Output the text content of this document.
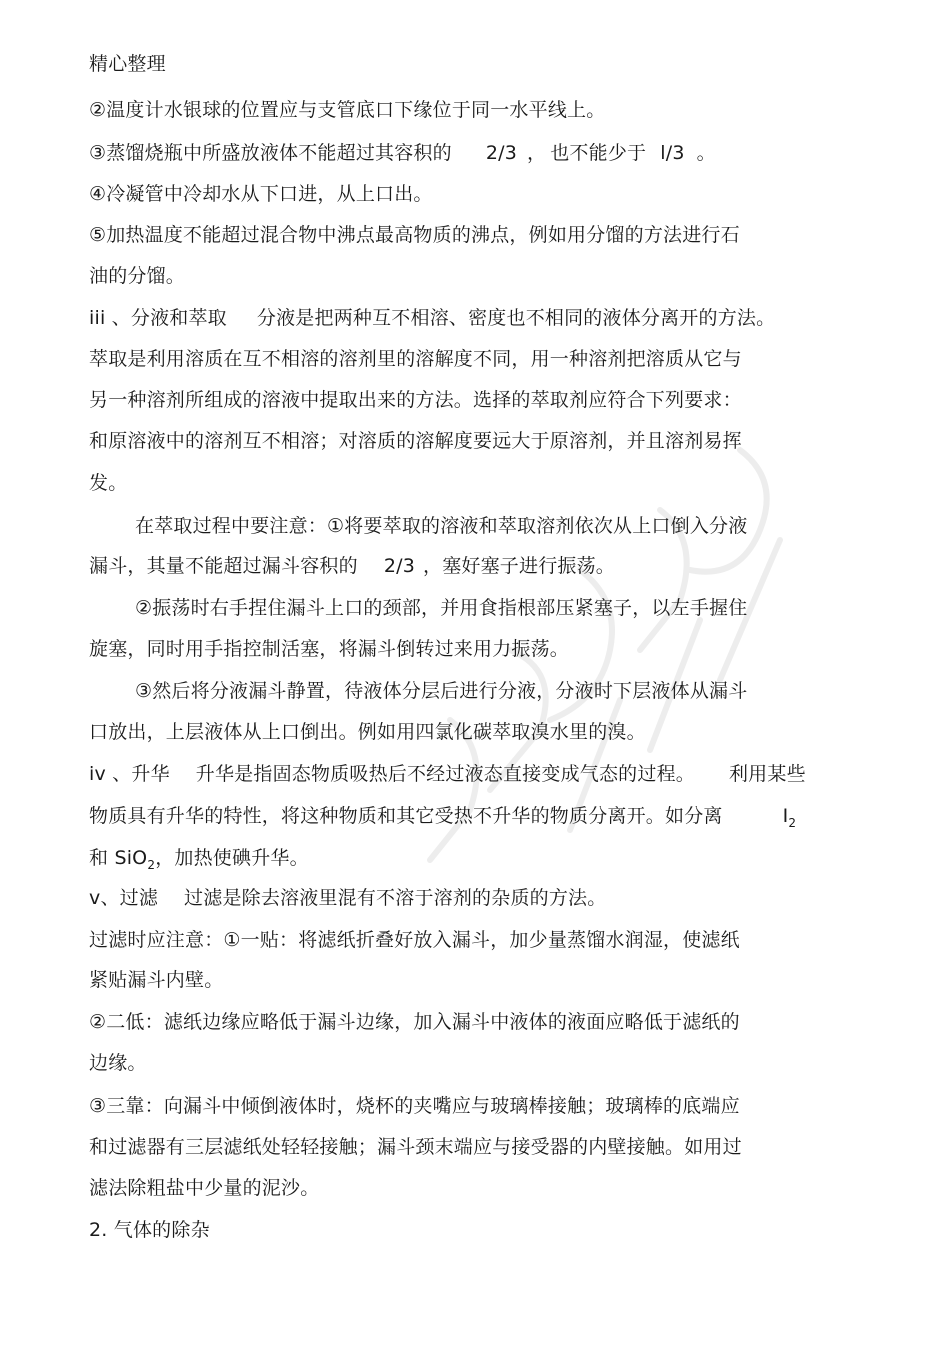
精心整理
②温度计水银球的位置应与支管底口下缘位于同一水平线上。
③蒸馏烧瓶中所盛放液体不能超过其容积的 2/3 ， 也不能少于 l/3 。
④冷凝管中冷却水从下口进，从上口出。
⑤加热温度不能超过混合物中沸点最高物质的沸点，例如用分馏的方法进行石
油的分馏。
iii 、分液和萃取 分液是把两种互不相溶、密度也不相同的液体分离开的方法。
萃取是利用溶质在互不相溶的溶剂里的溶解度不同，用一种溶剂把溶质从它与
另一种溶剂所组成的溶液中提取出来的方法。选择的萃取剂应符合下列要求：
和原溶液中的溶剂互不相溶；对溶质的溶解度要远大于原溶剂，并且溶剂易挥
发。
在萃取过程中要注意：①将要萃取的溶液和萃取溶剂依次从上口倒入分液
漏斗，其量不能超过漏斗容积的 2/3 ，塞好塞子进行振荡。
②振荡时右手捏住漏斗上口的颈部，并用食指根部压紧塞子，以左手握住
旋塞，同时用手指控制活塞，将漏斗倒转过来用力振荡。
③然后将分液漏斗静置，待液体分层后进行分液，分液时下层液体从漏斗
口放出，上层液体从上口倒出。例如用四氯化碳萃取溴水里的溴。
iv 、升华 升华是指固态物质吸热后不经过液态直接变成气态的过程。 利用某些
物质具有升华的特性，将这种物质和其它受热不升华的物质分离开。如分离	$I_2$
和 SiO$_2$，加热使碘升华。
v、过滤 过滤是除去溶液里混有不溶于溶剂的杂质的方法。
过滤时应注意：①一贴：将滤纸折叠好放入漏斗，加少量蒸馏水润湿，使滤纸
紧贴漏斗内壁。
②二低：滤纸边缘应略低于漏斗边缘，加入漏斗中液体的液面应略低于滤纸的
边缘。
③三靠：向漏斗中倾倒液体时，烧杯的夹嘴应与玻璃棒接触；玻璃棒的底端应
和过滤器有三层滤纸处轻轻接触；漏斗颈末端应与接受器的内壁接触。如用过
滤法除粗盐中少量的泥沙。
2. 气体的除杂
